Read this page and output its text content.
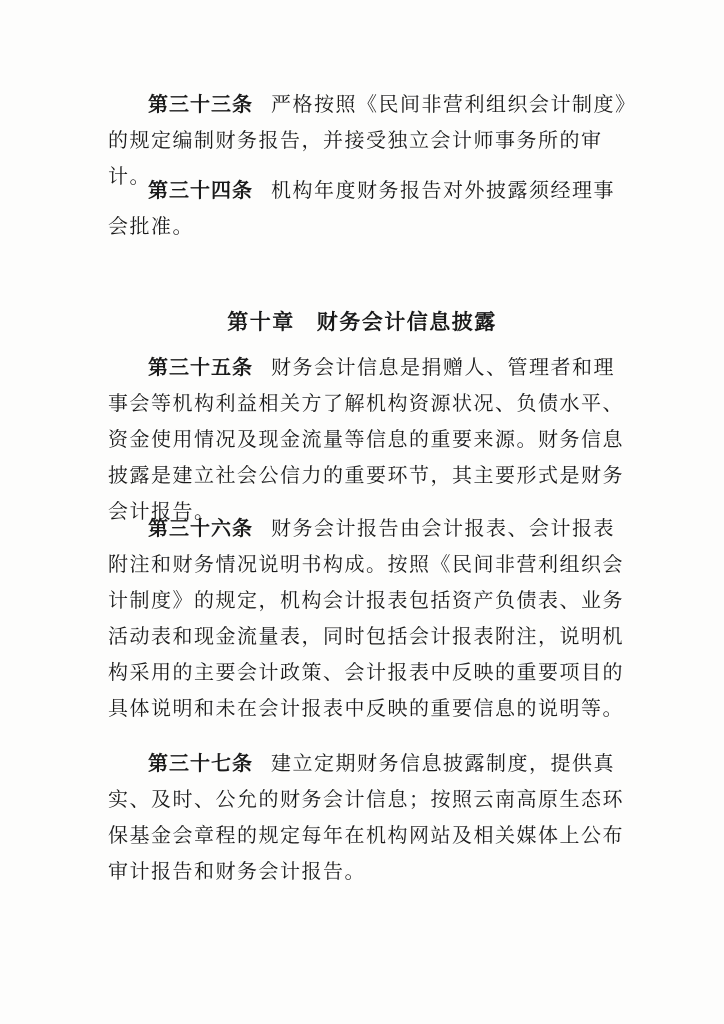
第三十三条 严格按照《民间非营利组织会计制度》的规定编制财务报告，并接受独立会计师事务所的审计。

第三十四条 机构年度财务报告对外披露须经理事会批准。

第十章 财务会计信息披露

第三十五条 财务会计信息是捐赠人、管理者和理事会等机构利益相关方了解机构资源状况、负债水平、资金使用情况及现金流量等信息的重要来源。财务信息披露是建立社会公信力的重要环节，其主要形式是财务会计报告。

第三十六条 财务会计报告由会计报表、会计报表附注和财务情况说明书构成。按照《民间非营利组织会计制度》的规定，机构会计报表包括资产负债表、业务活动表和现金流量表，同时包括会计报表附注，说明机构采用的主要会计政策、会计报表中反映的重要项目的具体说明和未在会计报表中反映的重要信息的说明等。

第三十七条 建立定期财务信息披露制度，提供真实、及时、公允的财务会计信息；按照云南高原生态环保基金会章程的规定每年在机构网站及相关媒体上公布审计报告和财务会计报告。
